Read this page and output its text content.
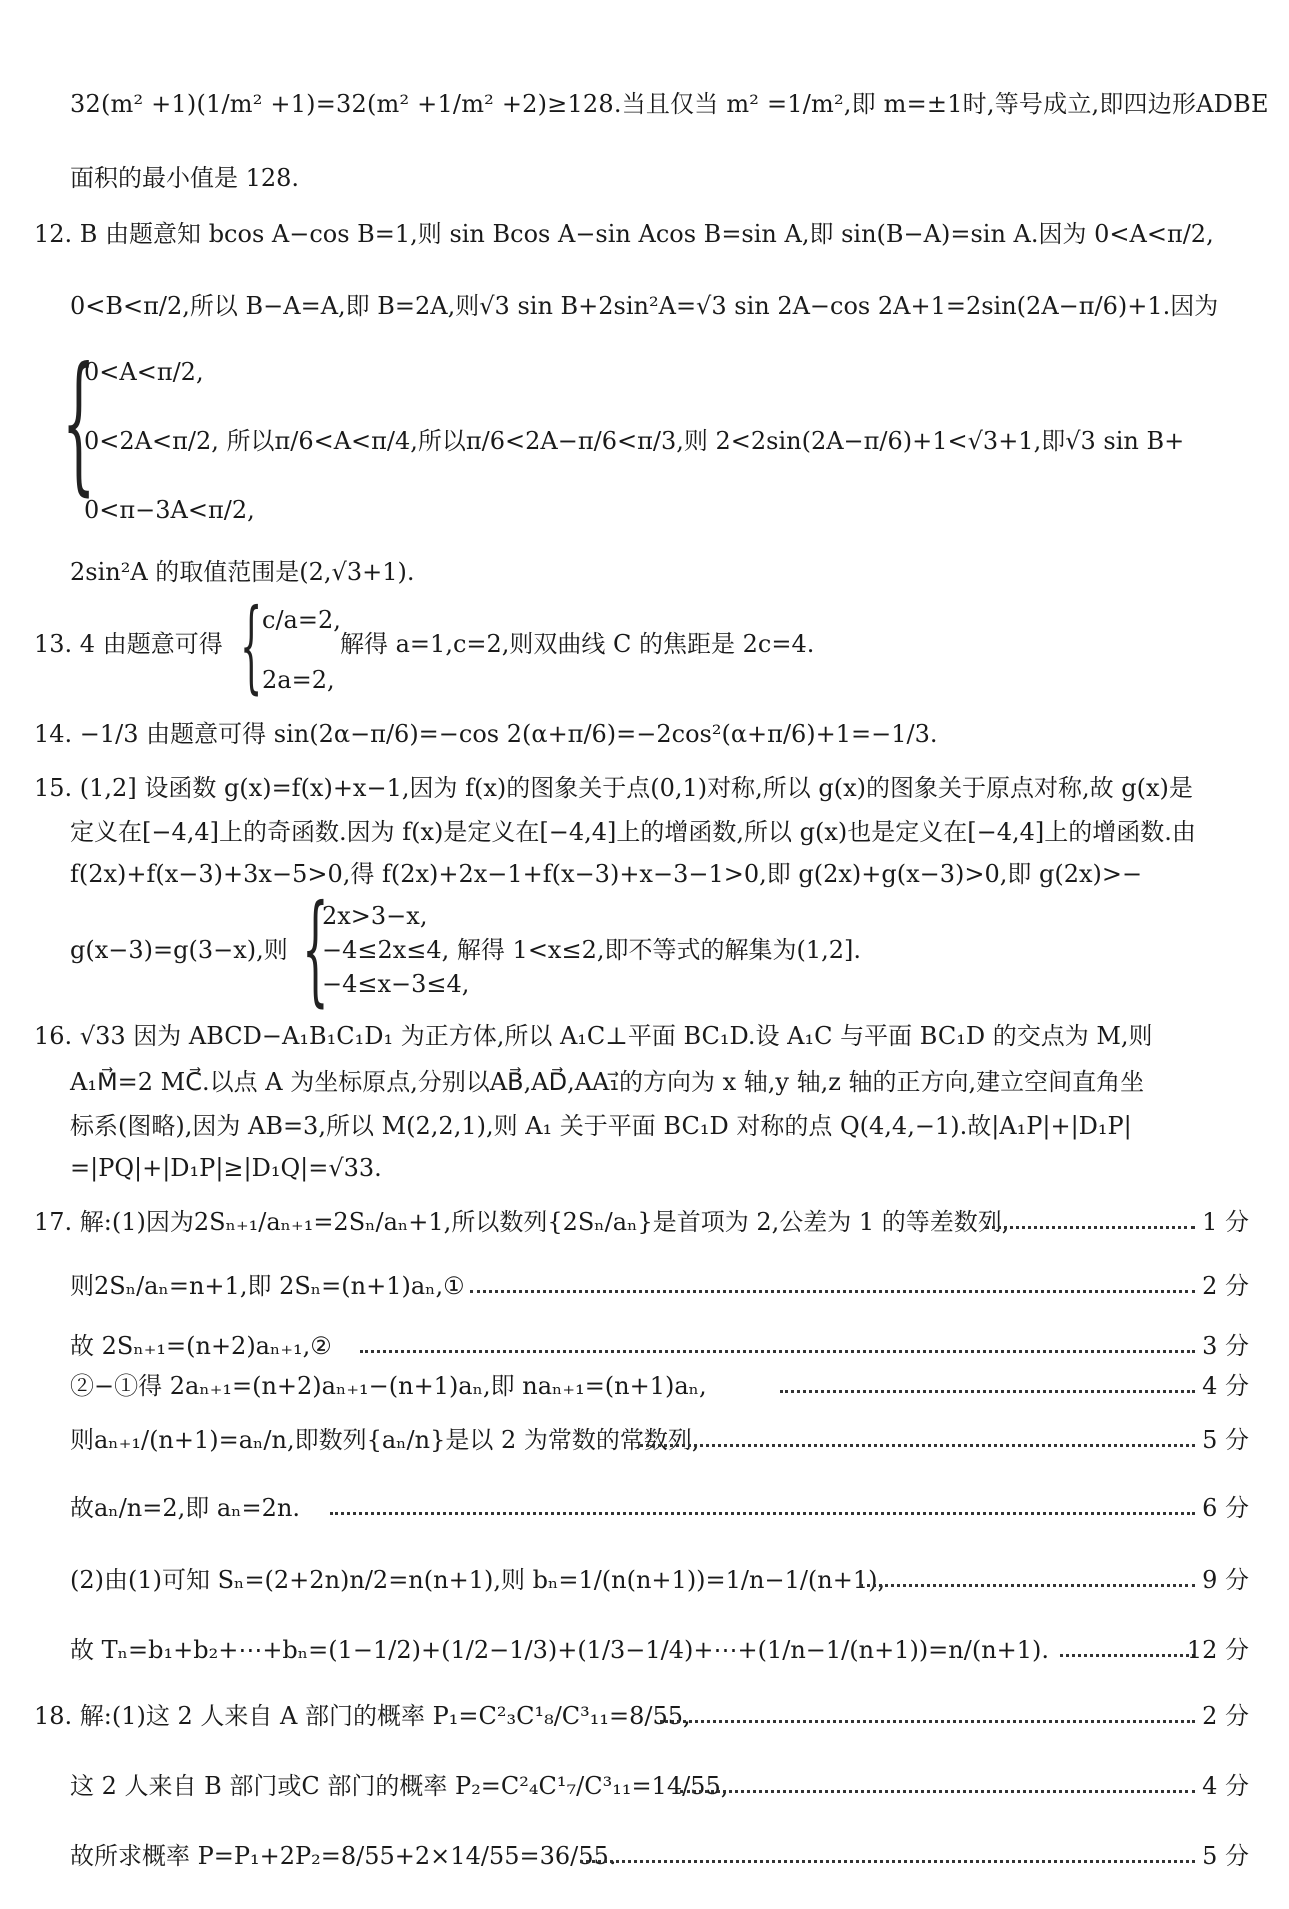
32(m² +1)(1/m² +1)=32(m² +1/m² +2)≥128.当且仅当 m² =1/m²,即 m=±1时,等号成立,即四边形ADBE
面积的最小值是 128.
12. B 由题意知 bcos A−cos B=1,则 sin Bcos A−sin Acos B=sin A,即 sin(B−A)=sin A.因为 0<A<π/2,
0<B<π/2,所以 B−A=A,即 B=2A,则√3 sin B+2sin²A=√3 sin 2A−cos 2A+1=2sin(2A−π/6)+1.因为
{
0<A<π/2,
0<2A<π/2, 所以π/6<A<π/4,所以π/6<2A−π/6<π/3,则 2<2sin(2A−π/6)+1<√3+1,即√3 sin B+
0<π−3A<π/2,
2sin²A 的取值范围是(2,√3+1).
13. 4 由题意可得 { c/a=2,
解得 a=1,c=2,则双曲线 C 的焦距是 2c=4.
2a=2,
14. −1/3 由题意可得 sin(2α−π/6)=−cos 2(α+π/6)=−2cos²(α+π/6)+1=−1/3.
15. (1,2] 设函数 g(x)=f(x)+x−1,因为 f(x)的图象关于点(0,1)对称,所以 g(x)的图象关于原点对称,故 g(x)是
定义在[−4,4]上的奇函数.因为 f(x)是定义在[−4,4]上的增函数,所以 g(x)也是定义在[−4,4]上的增函数.由
f(2x)+f(x−3)+3x−5>0,得 f(2x)+2x−1+f(x−3)+x−3−1>0,即 g(2x)+g(x−3)>0,即 g(2x)>−
{
2x>3−x,
g(x−3)=g(3−x),则 −4≤2x≤4, 解得 1<x≤2,即不等式的解集为(1,2].
−4≤x−3≤4,
16. √33 因为 ABCD−A₁B₁C₁D₁ 为正方体,所以 A₁C⊥平面 BC₁D.设 A₁C 与平面 BC₁D 的交点为 M,则
A₁M⃗=2 MC⃗.以点 A 为坐标原点,分别以AB⃗,AD⃗,AA₁⃗的方向为 x 轴,y 轴,z 轴的正方向,建立空间直角坐
标系(图略),因为 AB=3,所以 M(2,2,1),则 A₁ 关于平面 BC₁D 对称的点 Q(4,4,−1).故|A₁P|+|D₁P|
=|PQ|+|D₁P|≥|D₁Q|=√33.
17. 解:(1)因为2Sₙ₊₁/aₙ₊₁=2Sₙ/aₙ+1,所以数列{2Sₙ/aₙ}是首项为 2,公差为 1 的等差数列,	1 分
则2Sₙ/aₙ=n+1,即 2Sₙ=(n+1)aₙ,①	2 分
故 2Sₙ₊₁=(n+2)aₙ₊₁,②	3 分
②−①得 2aₙ₊₁=(n+2)aₙ₊₁−(n+1)aₙ,即 naₙ₊₁=(n+1)aₙ,	4 分
则aₙ₊₁/(n+1)=aₙ/n,即数列{aₙ/n}是以 2 为常数的常数列,	5 分
故aₙ/n=2,即 aₙ=2n.	6 分
(2)由(1)可知 Sₙ=(2+2n)n/2=n(n+1),则 bₙ=1/(n(n+1))=1/n−1/(n+1),	9 分
故 Tₙ=b₁+b₂+⋯+bₙ=(1−1/2)+(1/2−1/3)+(1/3−1/4)+⋯+(1/n−1/(n+1))=n/(n+1).	12 分
18. 解:(1)这 2 人来自 A 部门的概率 P₁=C²₃C¹₈/C³₁₁=8/55,	2 分
这 2 人来自 B 部门或C 部门的概率 P₂=C²₄C¹₇/C³₁₁=14/55,	4 分
故所求概率 P=P₁+2P₂=8/55+2×14/55=36/55.	5 分
